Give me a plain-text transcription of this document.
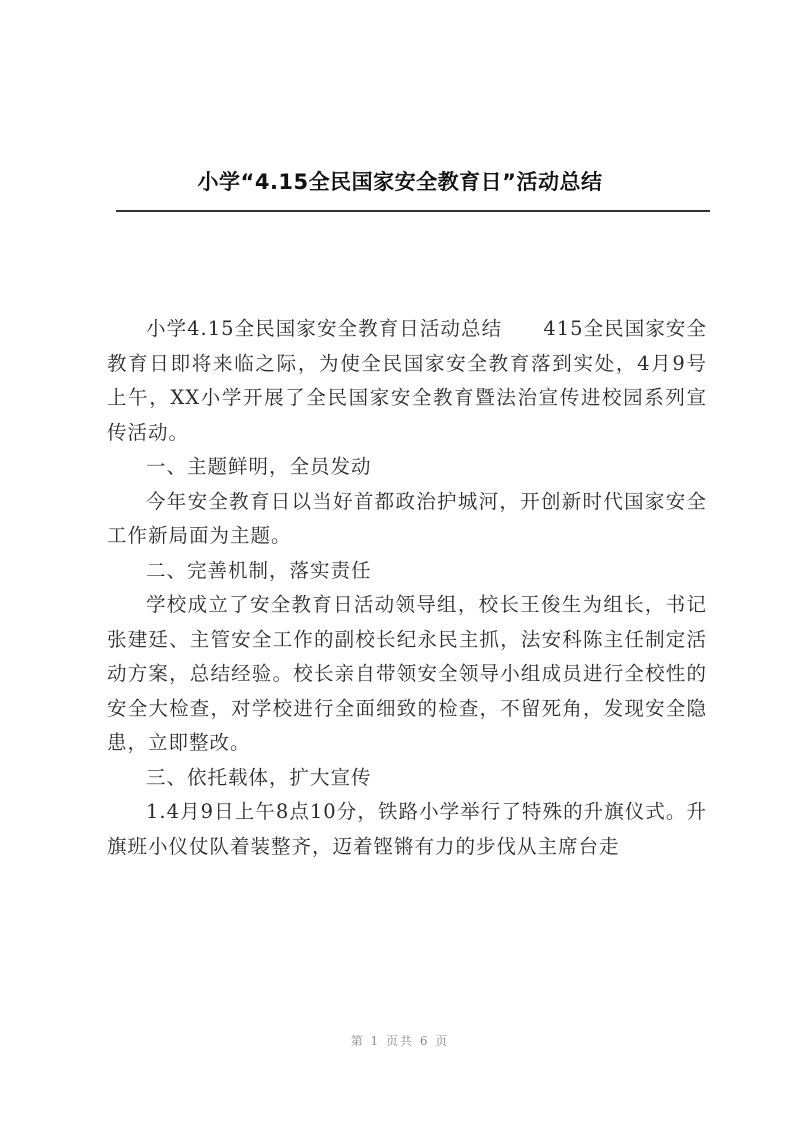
小学“4.15全民国家安全教育日”活动总结

小学4.15全民国家安全教育日活动总结　　415全民国家安全教育日即将来临之际，为使全民国家安全教育落到实处，4月9号上午，XX小学开展了全民国家安全教育暨法治宣传进校园系列宣传活动。

一、主题鲜明，全员发动

今年安全教育日以当好首都政治护城河，开创新时代国家安全工作新局面为主题。

二、完善机制，落实责任

学校成立了安全教育日活动领导组，校长王俊生为组长，书记张建廷、主管安全工作的副校长纪永民主抓，法安科陈主任制定活动方案，总结经验。校长亲自带领安全领导小组成员进行全校性的安全大检查，对学校进行全面细致的检查，不留死角，发现安全隐患，立即整改。

三、依托载体，扩大宣传

1.4月9日上午8点10分，铁路小学举行了特殊的升旗仪式。升旗班小仪仗队着装整齐，迈着铿锵有力的步伐从主席台走

第 1 页共 6 页
